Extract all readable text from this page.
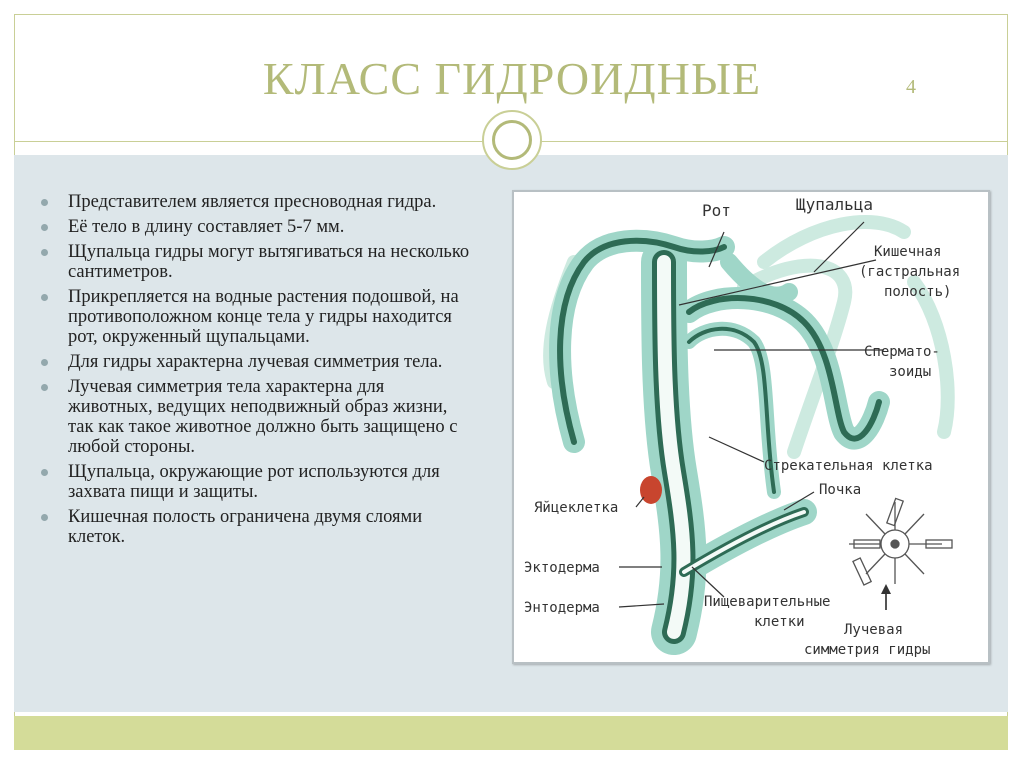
КЛАСС ГИДРОИДНЫЕ	4
Представителем является пресноводная гидра.
Её тело в длину составляет 5-7 мм.
Щупальца гидры могут вытягиваться на несколько сантиметров.
Прикрепляется на водные растения подошвой, на противоположном конце тела у гидры находится рот, окруженный щупальцами.
Для гидры характерна лучевая симметрия тела.
Лучевая симметрия тела характерна для животных, ведущих неподвижный образ жизни, так как такое животное должно быть защищено с любой стороны.
Щупальца, окружающие рот используются для захвата пищи и защиты.
Кишечная полость ограничена двумя слоями клеток.
Рот	Щупальца
Кишечная
(гастральная
полость)
Спермато-
зоиды
Стрекательная клетка
Почка
Яйцеклетка
Эктодерма
Энтодерма	Пищеварительные
клетки	Лучевая
симметрия гидры
